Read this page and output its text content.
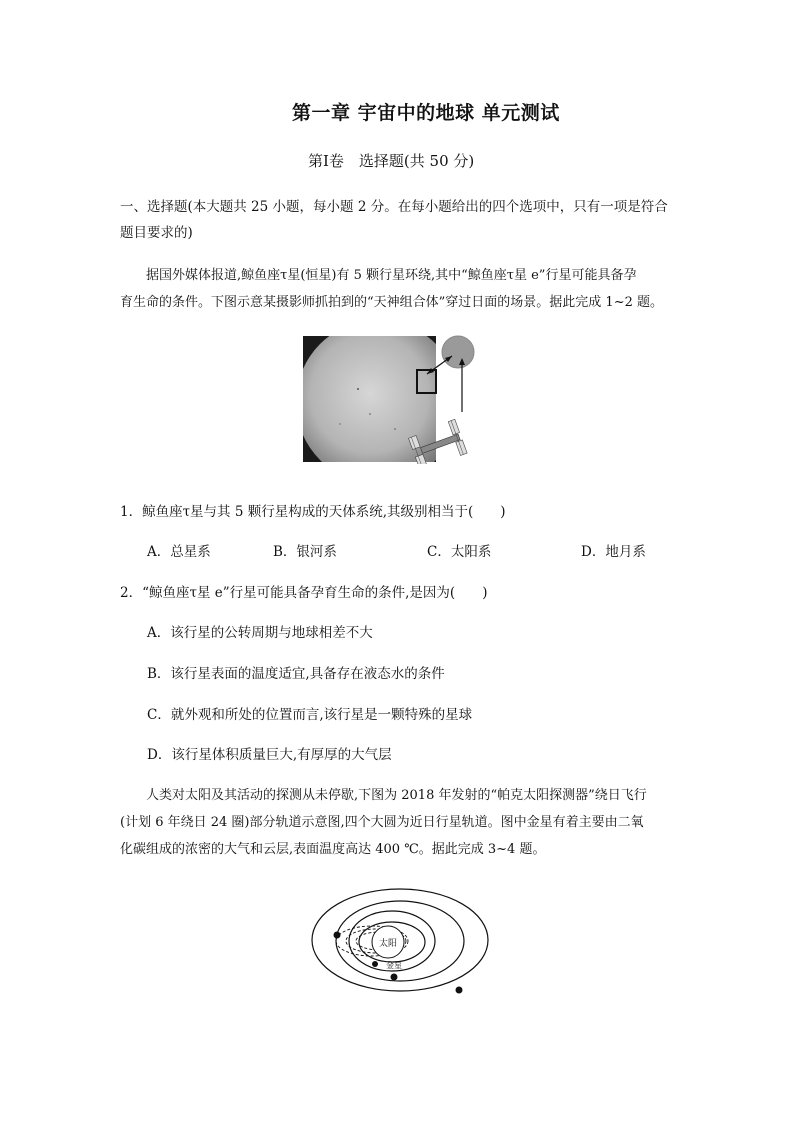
第一章 宇宙中的地球 单元测试
第Ⅰ卷　选择题(共 50 分)
一、选择题(本大题共 25 小题，每小题 2 分。在每小题给出的四个选项中，只有一项是符合
题目要求的)
据国外媒体报道,鲸鱼座τ星(恒星)有 5 颗行星环绕,其中“鲸鱼座τ星 e”行星可能具备孕
育生命的条件。下图示意某摄影师抓拍到的“天神组合体”穿过日面的场景。据此完成 1~2 题。
1．鲸鱼座τ星与其 5 颗行星构成的天体系统,其级别相当于(　　)
A．总星系	B．银河系	C．太阳系	D．地月系
2．“鲸鱼座τ星 e”行星可能具备孕育生命的条件,是因为(　　)
A．该行星的公转周期与地球相差不大
B．该行星表面的温度适宜,具备存在液态水的条件
C．就外观和所处的位置而言,该行星是一颗特殊的星球
D．该行星体积质量巨大,有厚厚的大气层
人类对太阳及其活动的探测从未停歇,下图为 2018 年发射的“帕克太阳探测器”绕日飞行
(计划 6 年绕日 24 圈)部分轨道示意图,四个大圆为近日行星轨道。图中金星有着主要由二氧
化碳组成的浓密的大气和云层,表面温度高达 400 ℃。据此完成 3~4 题。
太阳
金星
